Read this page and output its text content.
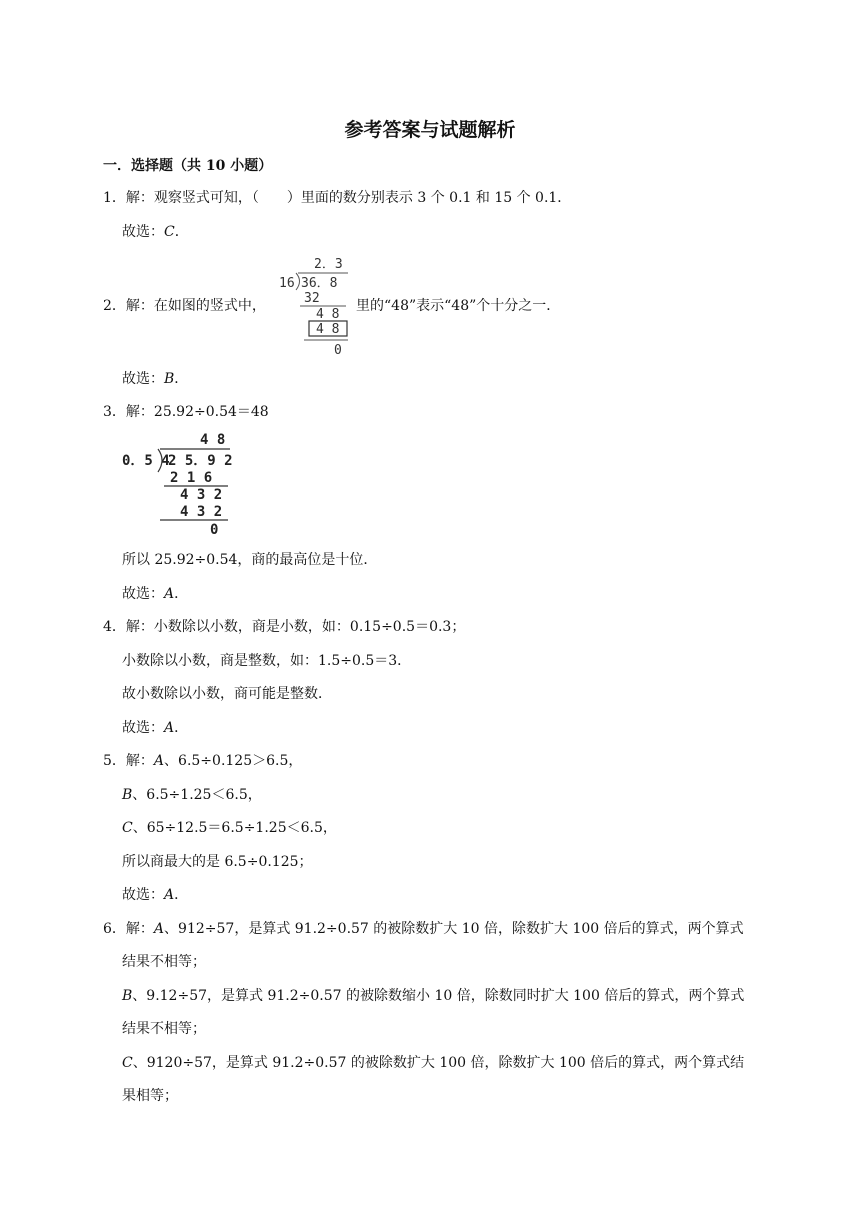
参考答案与试题解析
一．选择题（共 10 小题）
1．解：观察竖式可知，（　　）里面的数分别表示 3 个 0.1 和 15 个 0.1．
故选：C．
2．解：在如图的竖式中，
2．3
16 36．8
32
4 8
4 8
0
里的“48”表示“48”个十分之一．
故选：B．
3．解：25.92÷0.54＝48
4 8
0．5 4
2 5．9 2
2 1 6
4 3 2
4 3 2
0
所以 25.92÷0.54，商的最高位是十位．
故选：A．
4．解：小数除以小数，商是小数，如：0.15÷0.5＝0.3；
小数除以小数，商是整数，如：1.5÷0.5＝3．
故小数除以小数，商可能是整数．
故选：A．
5．解：A、6.5÷0.125＞6.5，
B、6.5÷1.25＜6.5，
C、65÷12.5＝6.5÷1.25＜6.5，
所以商最大的是 6.5÷0.125；
故选：A．
6．解：A、912÷57，是算式 91.2÷0.57 的被除数扩大 10 倍，除数扩大 100 倍后的算式，两个算式
结果不相等；
B、9.12÷57，是算式 91.2÷0.57 的被除数缩小 10 倍，除数同时扩大 100 倍后的算式，两个算式
结果不相等；
C、9120÷57，是算式 91.2÷0.57 的被除数扩大 100 倍，除数扩大 100 倍后的算式，两个算式结
果相等；
